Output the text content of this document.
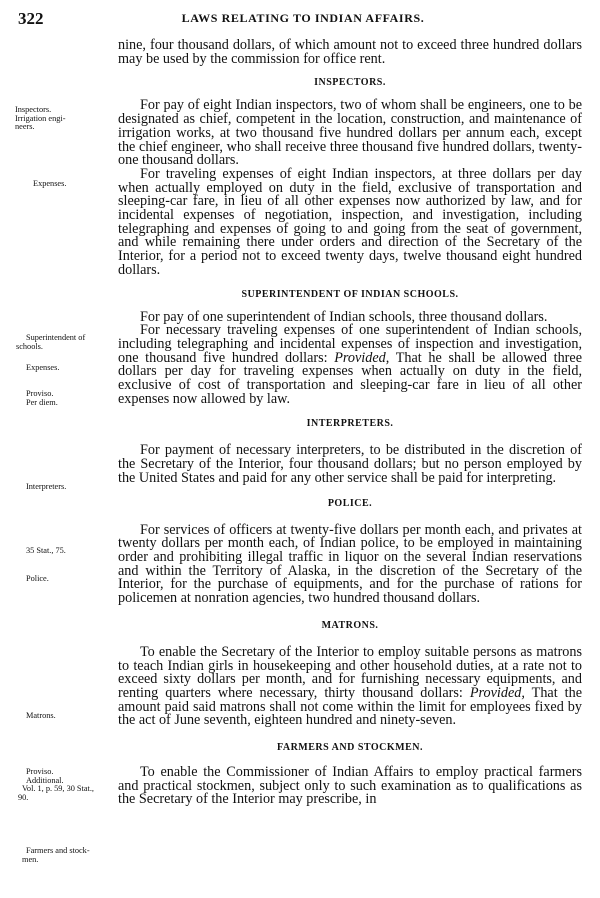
322	LAWS RELATING TO INDIAN AFFAIRS.
Inspectors.
Irrigation engi-
neers.
Expenses.
Superintendent of
schools.
Expenses.
Proviso.
Per diem.
Interpreters.
35 Stat., 75.
Police.
Matrons.
Proviso.
Additional.
Vol. 1, p. 59, 30 Stat.,
90.
Farmers and stock-
men.

nine, four thousand dollars, of which amount not to exceed three hundred dollars may be used by the commission for office rent.

INSPECTORS.

For pay of eight Indian inspectors, two of whom shall be engineers, one to be designated as chief, competent in the location, construction, and maintenance of irrigation works, at two thousand five hundred dollars per annum each, except the chief engineer, who shall receive three thousand five hundred dollars, twenty-one thousand dollars.

For traveling expenses of eight Indian inspectors, at three dollars per day when actually employed on duty in the field, exclusive of transportation and sleeping-car fare, in lieu of all other expenses now authorized by law, and for incidental expenses of negotiation, inspection, and investigation, including telegraphing and expenses of going to and going from the seat of government, and while remaining there under orders and direction of the Secretary of the Interior, for a period not to exceed twenty days, twelve thousand eight hundred dollars.

SUPERINTENDENT OF INDIAN SCHOOLS.

For pay of one superintendent of Indian schools, three thousand dollars.

For necessary traveling expenses of one superintendent of Indian schools, including telegraphing and incidental expenses of inspection and investigation, one thousand five hundred dollars: Provided, That he shall be allowed three dollars per day for traveling expenses when actually on duty in the field, exclusive of cost of transportation and sleeping-car fare in lieu of all other expenses now allowed by law.

INTERPRETERS.

For payment of necessary interpreters, to be distributed in the discretion of the Secretary of the Interior, four thousand dollars; but no person employed by the United States and paid for any other service shall be paid for interpreting.

POLICE.

For services of officers at twenty-five dollars per month each, and privates at twenty dollars per month each, of Indian police, to be employed in maintaining order and prohibiting illegal traffic in liquor on the several Indian reservations and within the Territory of Alaska, in the discretion of the Secretary of the Interior, for the purchase of equipments, and for the purchase of rations for policemen at nonration agencies, two hundred thousand dollars.

MATRONS.

To enable the Secretary of the Interior to employ suitable persons as matrons to teach Indian girls in housekeeping and other household duties, at a rate not to exceed sixty dollars per month, and for furnishing necessary equipments, and renting quarters where necessary, thirty thousand dollars: Provided, That the amount paid said matrons shall not come within the limit for employees fixed by the act of June seventh, eighteen hundred and ninety-seven.

FARMERS AND STOCKMEN.

To enable the Commissioner of Indian Affairs to employ practical farmers and practical stockmen, subject only to such examination as to qualifications as the Secretary of the Interior may prescribe, in
